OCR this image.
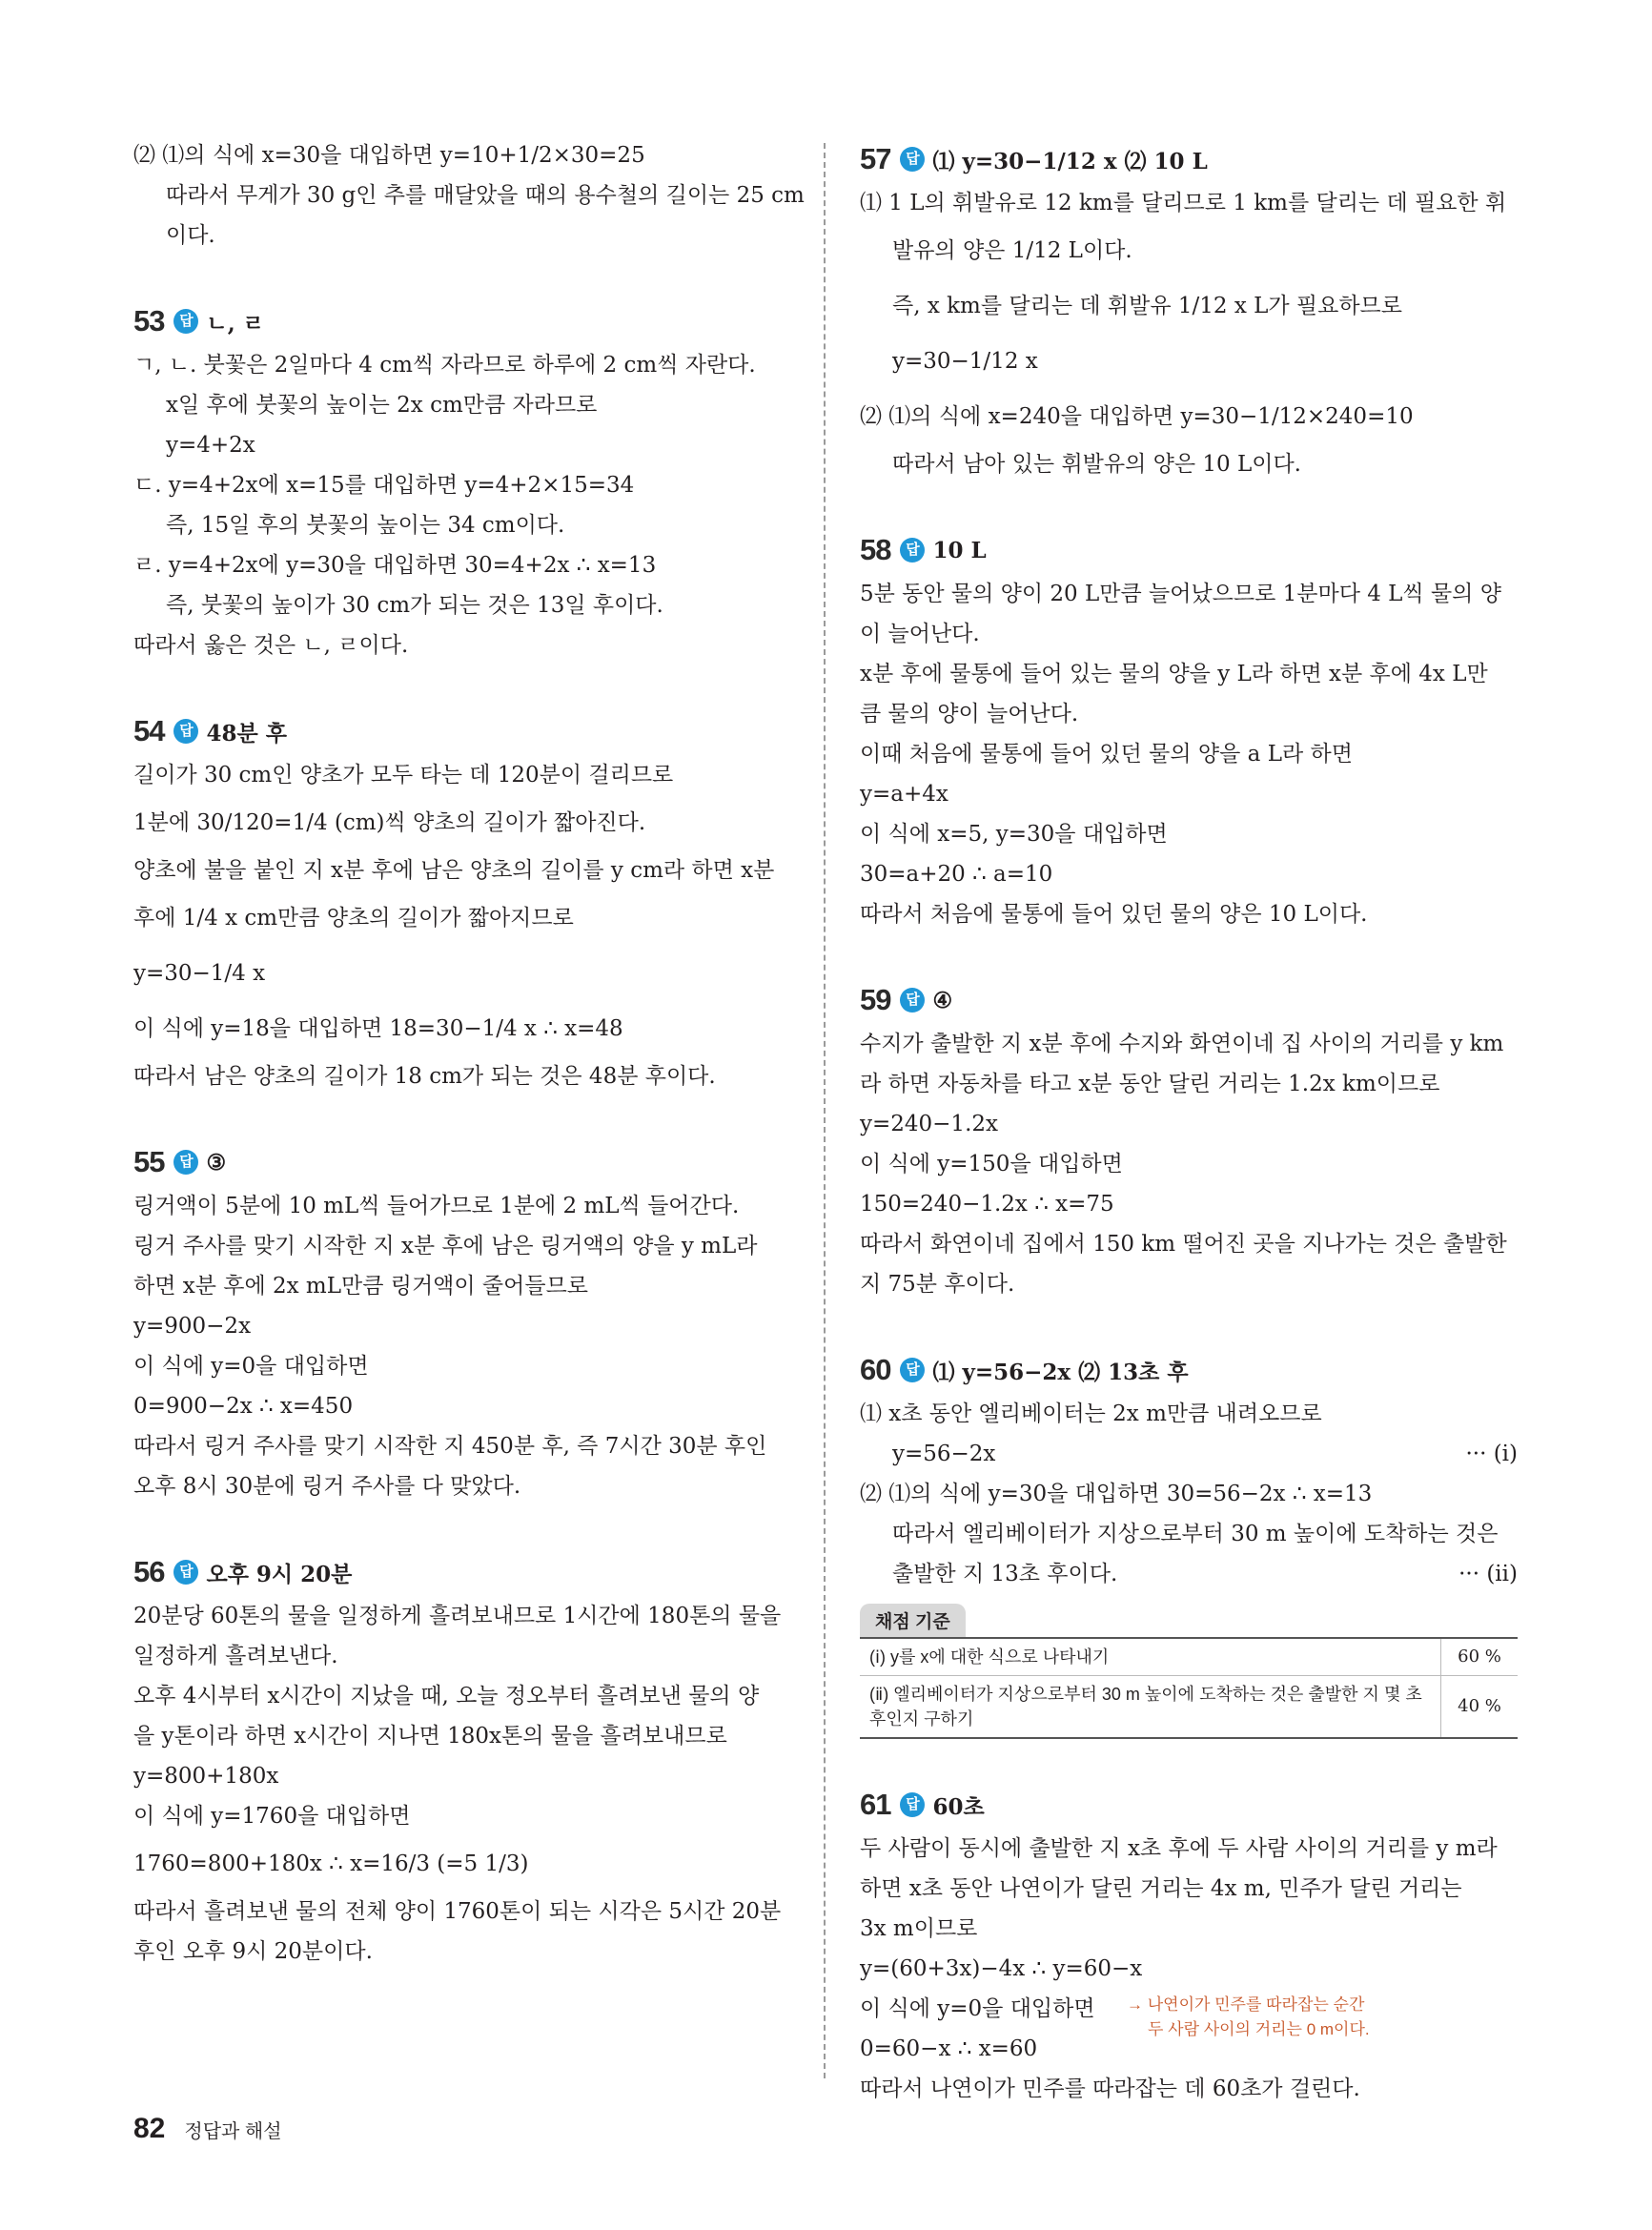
⑵ ⑴의 식에 x=30을 대입하면 y=10+1/2×30=25
따라서 무게가 30 g인 추를 매달았을 때의 용수철의 길이는 25 cm
이다.
53	답 ㄴ, ㄹ
ㄱ, ㄴ. 붓꽃은 2일마다 4 cm씩 자라므로 하루에 2 cm씩 자란다.
x일 후에 붓꽃의 높이는 2x cm만큼 자라므로
y=4+2x
ㄷ. y=4+2x에 x=15를 대입하면 y=4+2×15=34
즉, 15일 후의 붓꽃의 높이는 34 cm이다.
ㄹ. y=4+2x에 y=30을 대입하면 30=4+2x ∴ x=13
즉, 붓꽃의 높이가 30 cm가 되는 것은 13일 후이다.
따라서 옳은 것은 ㄴ, ㄹ이다.
54	답 48분 후
길이가 30 cm인 양초가 모두 타는 데 120분이 걸리므로
1분에 30/120=1/4 (cm)씩 양초의 길이가 짧아진다.
양초에 불을 붙인 지 x분 후에 남은 양초의 길이를 y cm라 하면 x분
후에 1/4 x cm만큼 양초의 길이가 짧아지므로
y=30−1/4 x
이 식에 y=18을 대입하면 18=30−1/4 x ∴ x=48
따라서 남은 양초의 길이가 18 cm가 되는 것은 48분 후이다.
55	답 ③
링거액이 5분에 10 mL씩 들어가므로 1분에 2 mL씩 들어간다.
링거 주사를 맞기 시작한 지 x분 후에 남은 링거액의 양을 y mL라
하면 x분 후에 2x mL만큼 링거액이 줄어들므로
y=900−2x
이 식에 y=0을 대입하면
0=900−2x ∴ x=450
따라서 링거 주사를 맞기 시작한 지 450분 후, 즉 7시간 30분 후인
오후 8시 30분에 링거 주사를 다 맞았다.
56	답 오후 9시 20분
20분당 60톤의 물을 일정하게 흘려보내므로 1시간에 180톤의 물을
일정하게 흘려보낸다.
오후 4시부터 x시간이 지났을 때, 오늘 정오부터 흘려보낸 물의 양
을 y톤이라 하면 x시간이 지나면 180x톤의 물을 흘려보내므로
y=800+180x
이 식에 y=1760을 대입하면
1760=800+180x ∴ x=16/3 (=5 1/3)
따라서 흘려보낸 물의 전체 양이 1760톤이 되는 시각은 5시간 20분
후인 오후 9시 20분이다.
57	답 ⑴ y=30−1/12 x ⑵ 10 L
⑴ 1 L의 휘발유로 12 km를 달리므로 1 km를 달리는 데 필요한 휘
발유의 양은 1/12 L이다.
즉, x km를 달리는 데 휘발유 1/12 x L가 필요하므로
y=30−1/12 x
⑵ ⑴의 식에 x=240을 대입하면 y=30−1/12×240=10
따라서 남아 있는 휘발유의 양은 10 L이다.
58	답 10 L
5분 동안 물의 양이 20 L만큼 늘어났으므로 1분마다 4 L씩 물의 양
이 늘어난다.
x분 후에 물통에 들어 있는 물의 양을 y L라 하면 x분 후에 4x L만
큼 물의 양이 늘어난다.
이때 처음에 물통에 들어 있던 물의 양을 a L라 하면
y=a+4x
이 식에 x=5, y=30을 대입하면
30=a+20 ∴ a=10
따라서 처음에 물통에 들어 있던 물의 양은 10 L이다.
59	답 ④
수지가 출발한 지 x분 후에 수지와 화연이네 집 사이의 거리를 y km
라 하면 자동차를 타고 x분 동안 달린 거리는 1.2x km이므로
y=240−1.2x
이 식에 y=150을 대입하면
150=240−1.2x ∴ x=75
따라서 화연이네 집에서 150 km 떨어진 곳을 지나가는 것은 출발한
지 75분 후이다.
60	답 ⑴ y=56−2x ⑵ 13초 후
⑴ x초 동안 엘리베이터는 2x m만큼 내려오므로
y=56−2x	··· (ⅰ)
⑵ ⑴의 식에 y=30을 대입하면 30=56−2x ∴ x=13
따라서 엘리베이터가 지상으로부터 30 m 높이에 도착하는 것은
출발한 지 13초 후이다.	··· (ⅱ)
채점 기준
(ⅰ) y를 x에 대한 식으로 나타내기	60 %
(ⅱ) 엘리베이터가 지상으로부터 30 m 높이에 도착하는 것은 출발한 지 몇 초 후인지 구하기	40 %
61	답 60초
두 사람이 동시에 출발한 지 x초 후에 두 사람 사이의 거리를 y m라
하면 x초 동안 나연이가 달린 거리는 4x m, 민주가 달린 거리는
3x m이므로
y=(60+3x)−4x ∴ y=60−x
이 식에 y=0을 대입하면 → 나연이가 민주를 따라잡는 순간
두 사람 사이의 거리는 0 m이다.
0=60−x ∴ x=60
따라서 나연이가 민주를 따라잡는 데 60초가 걸린다.
82 정답과 해설
